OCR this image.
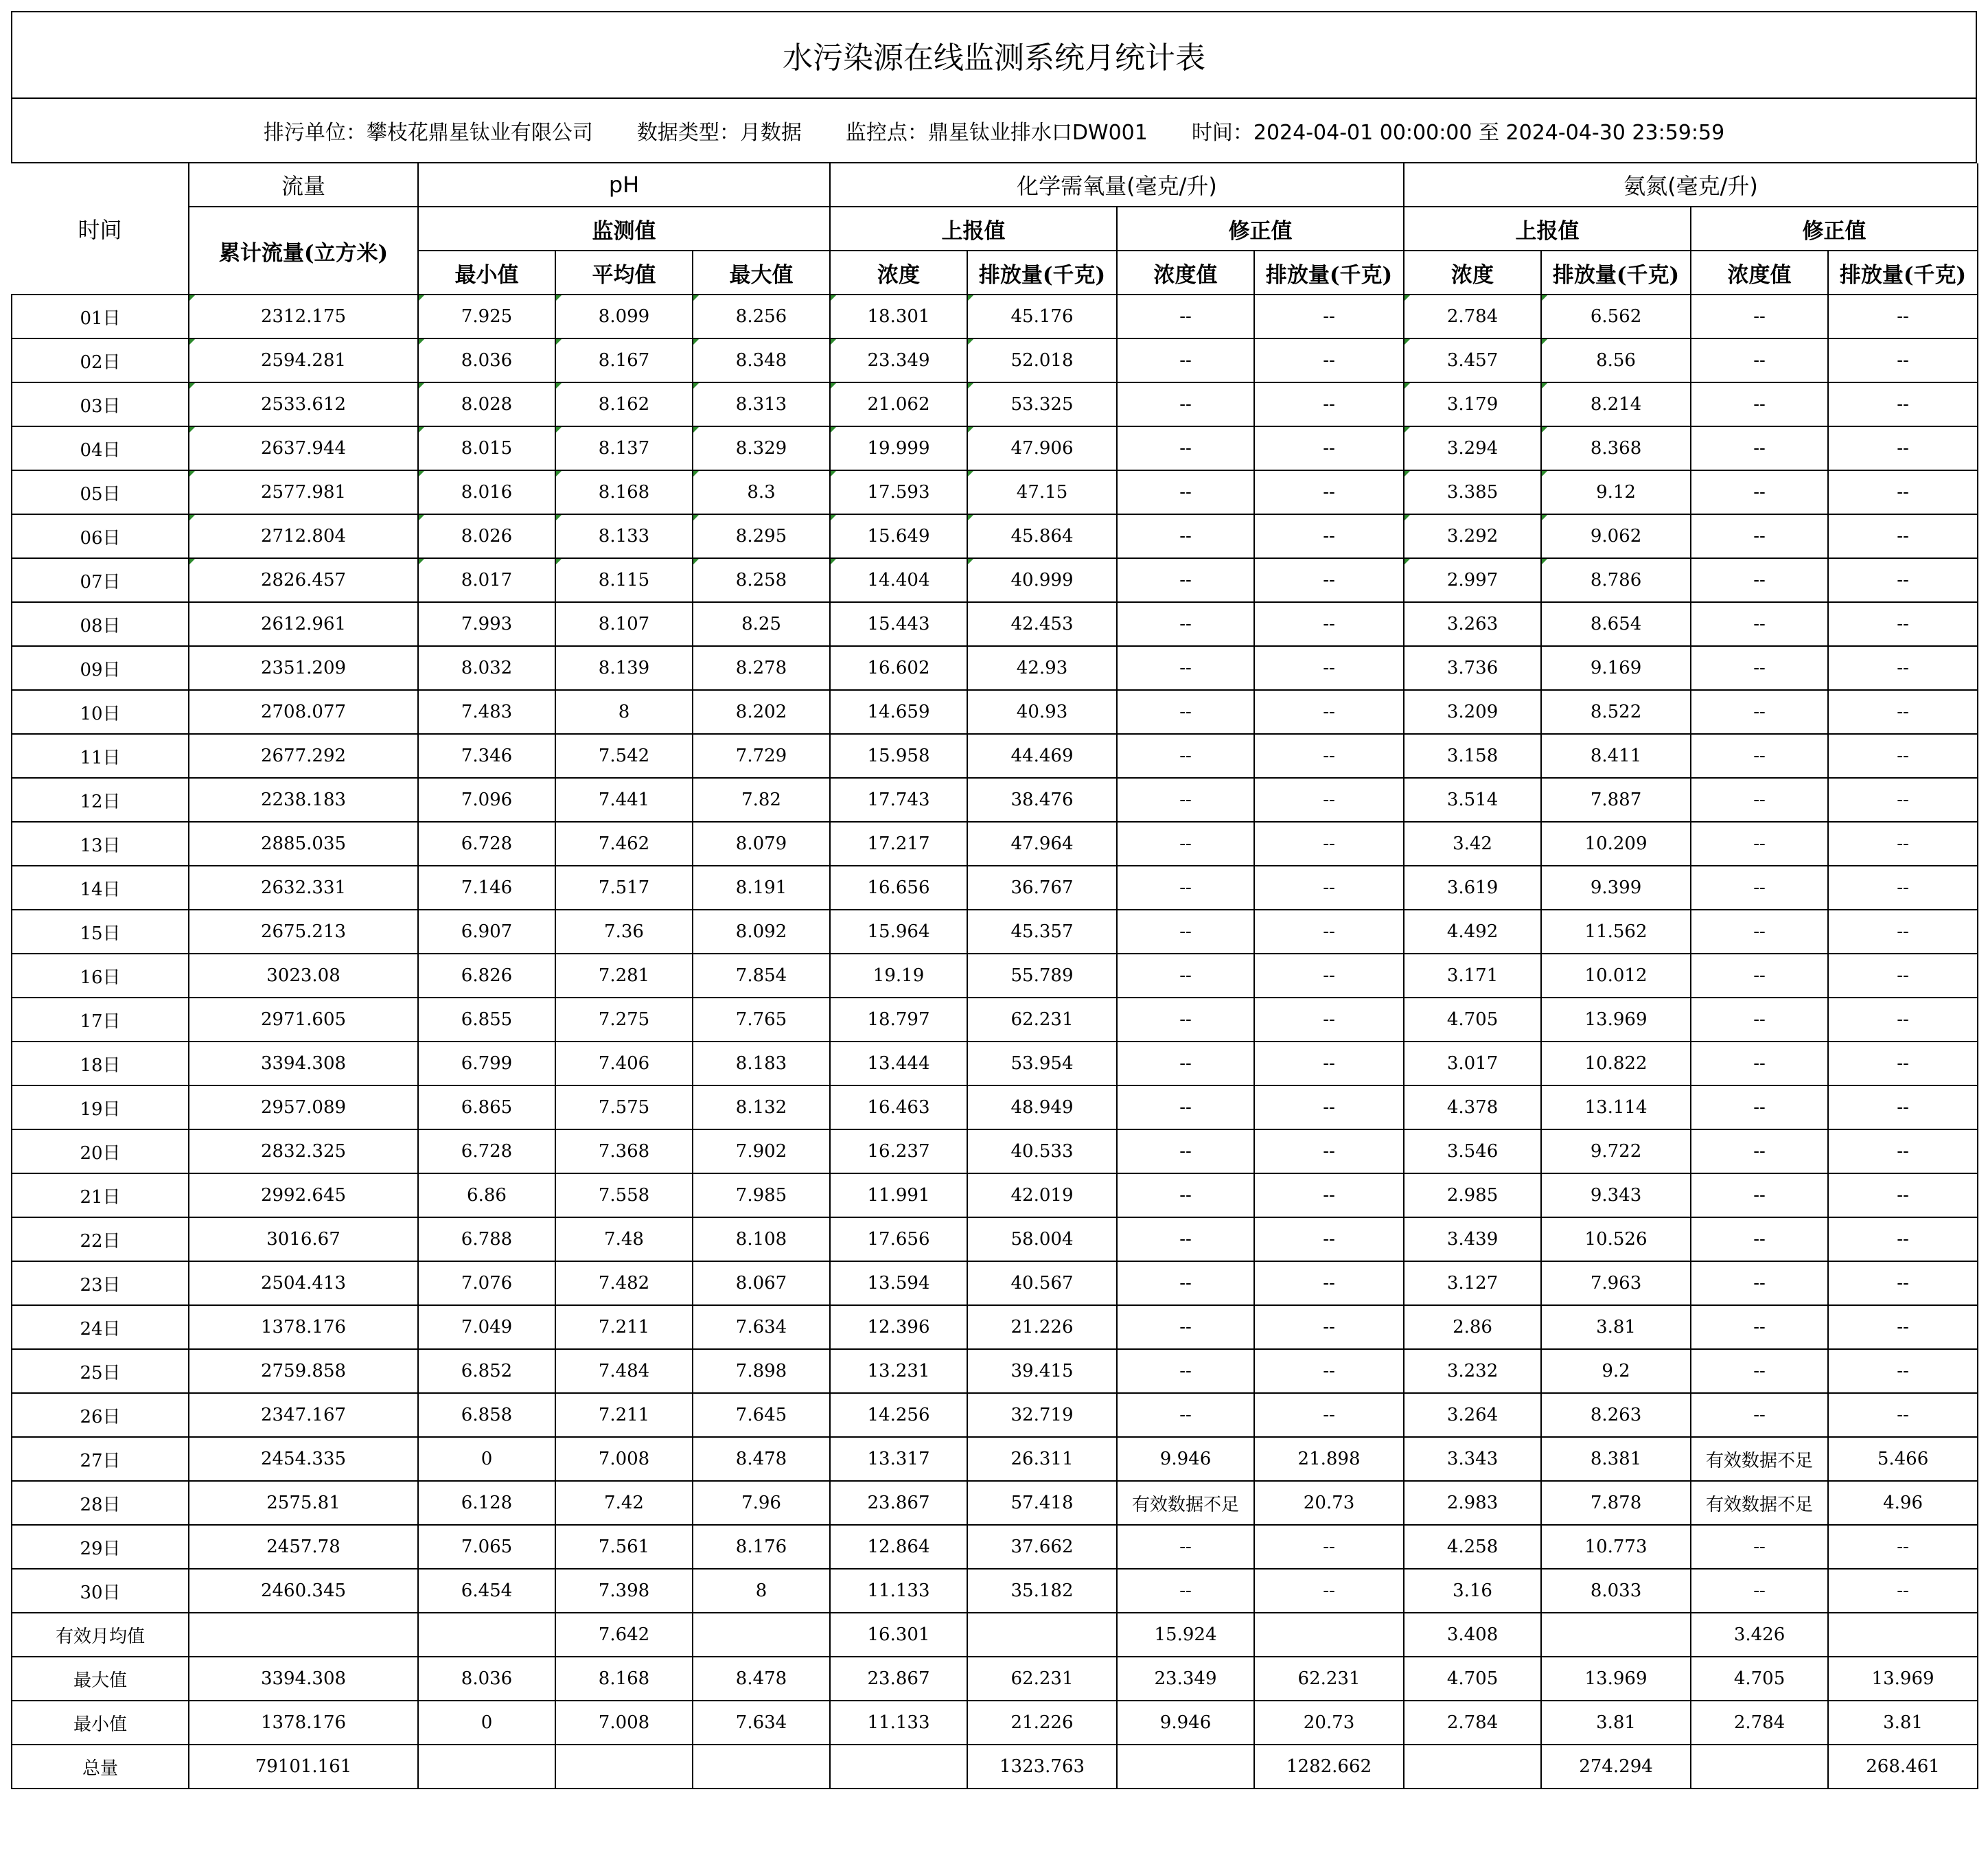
水污染源在线监测系统月统计表
排污单位：攀枝花鼎星钛业有限公司 数据类型：月数据 监控点：鼎星钛业排水口DW001 时间：2024-04-01 00:00:00 至 2024-04-30 23:59:59
时间	流量	pH			化学需氧量(毫克/升)				氨氮(毫克/升)			
	累计流量(立方米)	监测值			上报值		修正值		上报值		修正值	
		最小值	平均值	最大值	浓度	排放量(千克)	浓度值	排放量(千克)	浓度	排放量(千克)	浓度值	排放量(千克)
01日	2312.175	7.925	8.099	8.256	18.301	45.176	--	--	2.784	6.562	--	--
02日	2594.281	8.036	8.167	8.348	23.349	52.018	--	--	3.457	8.56	--	--
03日	2533.612	8.028	8.162	8.313	21.062	53.325	--	--	3.179	8.214	--	--
04日	2637.944	8.015	8.137	8.329	19.999	47.906	--	--	3.294	8.368	--	--
05日	2577.981	8.016	8.168	8.3	17.593	47.15	--	--	3.385	9.12	--	--
06日	2712.804	8.026	8.133	8.295	15.649	45.864	--	--	3.292	9.062	--	--
07日	2826.457	8.017	8.115	8.258	14.404	40.999	--	--	2.997	8.786	--	--
08日	2612.961	7.993	8.107	8.25	15.443	42.453	--	--	3.263	8.654	--	--
09日	2351.209	8.032	8.139	8.278	16.602	42.93	--	--	3.736	9.169	--	--
10日	2708.077	7.483	8	8.202	14.659	40.93	--	--	3.209	8.522	--	--
11日	2677.292	7.346	7.542	7.729	15.958	44.469	--	--	3.158	8.411	--	--
12日	2238.183	7.096	7.441	7.82	17.743	38.476	--	--	3.514	7.887	--	--
13日	2885.035	6.728	7.462	8.079	17.217	47.964	--	--	3.42	10.209	--	--
14日	2632.331	7.146	7.517	8.191	16.656	36.767	--	--	3.619	9.399	--	--
15日	2675.213	6.907	7.36	8.092	15.964	45.357	--	--	4.492	11.562	--	--
16日	3023.08	6.826	7.281	7.854	19.19	55.789	--	--	3.171	10.012	--	--
17日	2971.605	6.855	7.275	7.765	18.797	62.231	--	--	4.705	13.969	--	--
18日	3394.308	6.799	7.406	8.183	13.444	53.954	--	--	3.017	10.822	--	--
19日	2957.089	6.865	7.575	8.132	16.463	48.949	--	--	4.378	13.114	--	--
20日	2832.325	6.728	7.368	7.902	16.237	40.533	--	--	3.546	9.722	--	--
21日	2992.645	6.86	7.558	7.985	11.991	42.019	--	--	2.985	9.343	--	--
22日	3016.67	6.788	7.48	8.108	17.656	58.004	--	--	3.439	10.526	--	--
23日	2504.413	7.076	7.482	8.067	13.594	40.567	--	--	3.127	7.963	--	--
24日	1378.176	7.049	7.211	7.634	12.396	21.226	--	--	2.86	3.81	--	--
25日	2759.858	6.852	7.484	7.898	13.231	39.415	--	--	3.232	9.2	--	--
26日	2347.167	6.858	7.211	7.645	14.256	32.719	--	--	3.264	8.263	--	--
27日	2454.335	0	7.008	8.478	13.317	26.311	9.946	21.898	3.343	8.381	有效数据不足	5.466
28日	2575.81	6.128	7.42	7.96	23.867	57.418	有效数据不足	20.73	2.983	7.878	有效数据不足	4.96
29日	2457.78	7.065	7.561	8.176	12.864	37.662	--	--	4.258	10.773	--	--
30日	2460.345	6.454	7.398	8	11.133	35.182	--	--	3.16	8.033	--	--
有效月均值			7.642		16.301		15.924		3.408		3.426	
最大值	3394.308	8.036	8.168	8.478	23.867	62.231	23.349	62.231	4.705	13.969	4.705	13.969
最小值	1378.176	0	7.008	7.634	11.133	21.226	9.946	20.73	2.784	3.81	2.784	3.81
总量	79101.161					1323.763		1282.662		274.294		268.461
